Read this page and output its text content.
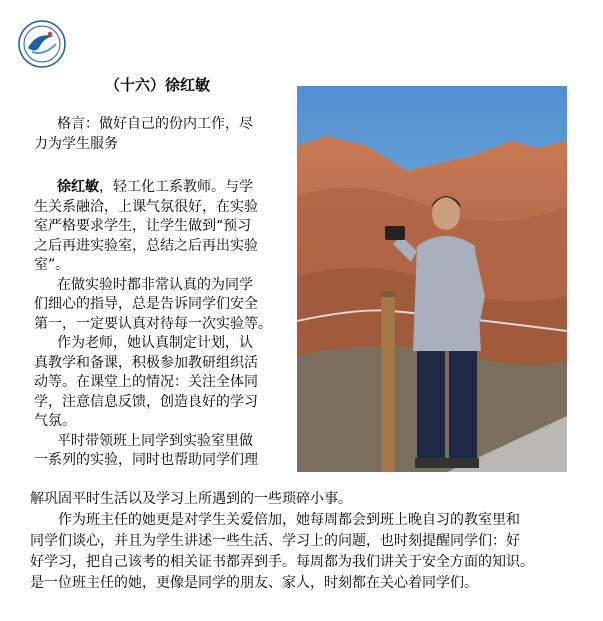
（十六）徐红敏
格言：做好自己的份内工作，尽
力为学生服务
徐红敏，轻工化工系教师。与学
生关系融洽，上课气氛很好，在实验
室严格要求学生，让学生做到“预习
之后再进实验室，总结之后再出实验
室”。
在做实验时都非常认真的为同学
们细心的指导，总是告诉同学们安全
第一，一定要认真对待每一次实验等。
作为老师，她认真制定计划，认
真教学和备课，积极参加教研组织活
动等。在课堂上的情况：关注全体同
学，注意信息反馈，创造良好的学习
气氛。
平时带领班上同学到实验室里做
一系列的实验，同时也帮助同学们理
解巩固平时生活以及学习上所遇到的一些琐碎小事。
　　作为班主任的她更是对学生关爱倍加，她每周都会到班上晚自习的教室里和
同学们谈心，并且为学生讲述一些生活、学习上的问题，也时刻提醒同学们：好
好学习，把自己该考的相关证书都弄到手。每周都为我们讲关于安全方面的知识。
是一位班主任的她，更像是同学的朋友、家人，时刻都在关心着同学们。
